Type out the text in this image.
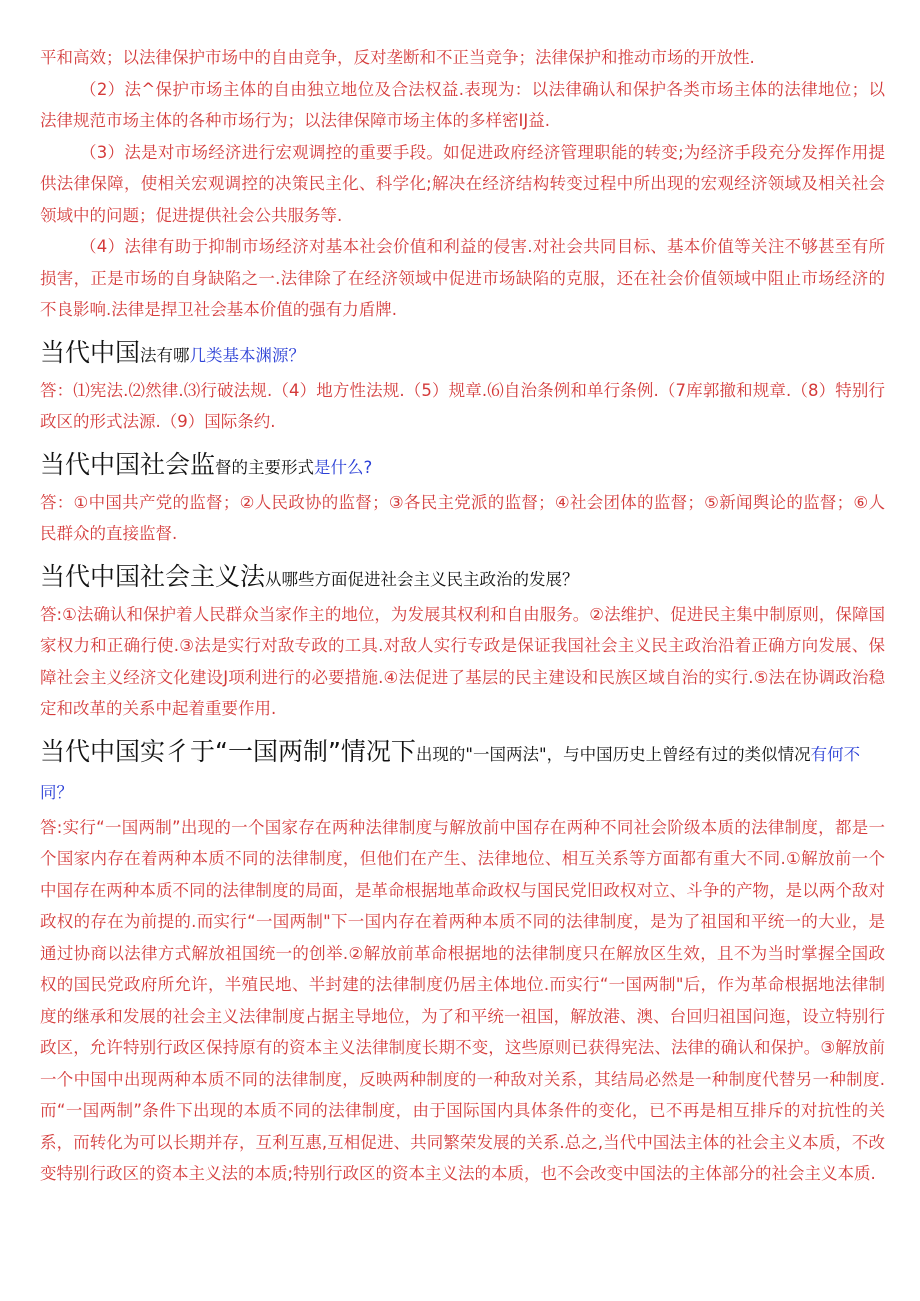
平和高效；以法律保护市场中的自由竞争，反对垄断和不正当竞争；法律保护和推动市场的开放性.

（2）法^保护市场主体的自由独立地位及合法权益.表现为：以法律确认和保护各类市场主体的法律地位；以法律规范市场主体的各种市场行为；以法律保障市场主体的多样密IJ益.

（3）法是对市场经济进行宏观调控的重要手段。如促进政府经济管理职能的转变;为经济手段充分发挥作用提供法律保障，使相关宏观调控的决策民主化、科学化;解决在经济结构转变过程中所出现的宏观经济领域及相关社会领域中的问题；促进提供社会公共服务等.

（4）法律有助于抑制市场经济对基本社会价值和利益的侵害.对社会共同目标、基本价值等关注不够甚至有所损害，正是市场的自身缺陷之一.法律除了在经济领域中促进市场缺陷的克服，还在社会价值领域中阻止市场经济的不良影响.法律是捍卫社会基本价值的强有力盾牌.

当代中国法有哪几类基本渊源？

答：⑴宪法.⑵然律.⑶行破法规.（4）地方性法规.（5）规章.⑹自治条例和单行条例.（7库郭撤和规章.（8）特别行政区的形式法源.（9）国际条约.

当代中国社会监督的主要形式是什么?

答：①中国共产党的监督；②人民政协的监督；③各民主党派的监督；④社会团体的监督；⑤新闻舆论的监督；⑥人民群众的直接监督.

当代中国社会主义法从哪些方面促进社会主义民主政治的发展？

答:①法确认和保护着人民群众当家作主的地位，为发展其权利和自由服务。②法维护、促进民主集中制原则，保障国家权力和正确行使.③法是实行对敌专政的工具.对敌人实行专政是保证我国社会主义民主政治沿着正确方向发展、保障社会主义经济文化建设J项利进行的必要措施.④法促进了基层的民主建设和民族区域自治的实行.⑤法在协调政治稳定和改革的关系中起着重要作用.

当代中国实彳于“一国两制”情况下出现的"一国两法"，与中国历史上曾经有过的类似情况有何不同？

答:实行“一国两制”出现的一个国家存在两种法律制度与解放前中国存在两种不同社会阶级本质的法律制度，都是一个国家内存在着两种本质不同的法律制度，但他们在产生、法律地位、相互关系等方面都有重大不同.①解放前一个中国存在两种本质不同的法律制度的局面，是革命根据地革命政权与国民党旧政权对立、斗争的产物，是以两个敌对政权的存在为前提的.而实行“一国两制"下一国内存在着两种本质不同的法律制度，是为了祖国和平统一的大业，是通过协商以法律方式解放祖国统一的创举.②解放前革命根据地的法律制度只在解放区生效，且不为当时掌握全国政权的国民党政府所允许，半殖民地、半封建的法律制度仍居主体地位.而实行“一国两制"后，作为革命根据地法律制度的继承和发展的社会主义法律制度占据主导地位，为了和平统一祖国，解放港、澳、台回归祖国问迤，设立特别行政区，允许特别行政区保持原有的资本主义法律制度长期不变，这些原则已获得宪法、法律的确认和保护。③解放前一个中国中出现两种本质不同的法律制度，反映两种制度的一种敌对关系，其结局必然是一种制度代替另一种制度.而“一国两制”条件下出现的本质不同的法律制度，由于国际国内具体条件的变化，已不再是相互排斥的对抗性的关系，而转化为可以长期并存，互利互惠,互相促进、共同繁荣发展的关系.总之,当代中国法主体的社会主义本质，不改变特别行政区的资本主义法的本质;特别行政区的资本主义法的本质，也不会改变中国法的主体部分的社会主义本质.
